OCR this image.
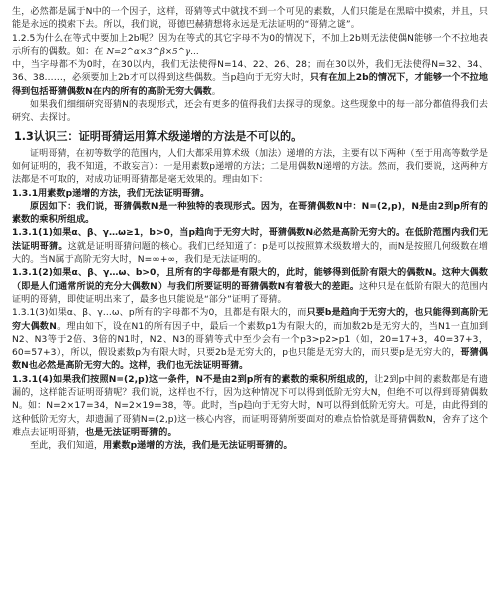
生，必然都是属于N中的一个因子，这样，哥猜等式中就找不到一个可见的素数，人们只能是在黑暗中摸索，并且，只能是永远的摸索下去。所以，我们说，哥德巴赫猜想将永远是无法证明的“哥猜之谜”。

1.2.5为什么在等式中要加上2b呢？因为在等式的其它字母不为0的情况下，不加上2b则无法使偶N能够一个不拉地表示所有的偶数。如：在 N=2^α×3^β×5^γ…

中，当字母都不为0时，在30以内，我们无法使得N=14、22、26、28；而在30以外，我们无法使得N=32、34、36、38……，必须要加上2b才可以得到这些偶数。当p趋向于无穷大时，只有在加上2b的情况下，才能够一个不拉地得到包括哥猜偶数N在内的所有的高阶无穷大偶数。

如果我们细细研究哥猜N的表现形式，还会有更多的值得我们去探寻的现象。这些现象中的每一部分都值得我们去研究、去探讨。

1.3认识三：证明哥猜运用算术级递增的方法是不可以的。

证明哥猜，在初等数学的范围内，人们大都采用算术级（加法）递增的方法，主要有以下两种（至于用高等数学是如何证明的，我不知道，不敢妄言）：一是用素数p递增的方法；二是用偶数N递增的方法。然而，我们要说，这两种方法都是不可取的，对成功证明哥猜都是毫无效果的。理由如下：

1.3.1用素数p递增的方法，我们无法证明哥猜。

原因如下：我们说，哥猜偶数N是一种独特的表现形式。因为，在哥猜偶数N中：N=(2,p)，N是由2到p所有的素数的乘积所组成。

1.3.1(1)如果α、β、γ…ω≥1，b>0，当p趋向于无穷大时，哥猜偶数N必然是高阶无穷大的。在低阶范围内我们无法证明哥猜。这就是证明哥猜问题的核心。我们已经知道了：p是可以按照算术级数增大的，而N是按照几何级数在增大的。当N属于高阶无穷大时，N=∞+∞，我们是无法证明的。

1.3.1(2)如果α、β、γ…ω、b>0，且所有的字母都是有限大的，此时，能够得到低阶有限大的偶数N。这种大偶数（即是人们通常所说的充分大偶数N）与我们所要证明的哥猜偶数N有着极大的差距。这种只是在低阶有限大的范围内证明的哥猜，即使证明出来了，最多也只能说是“部分”证明了哥猜。

1.3.1(3)如果α、β、γ…ω、p所有的字母都不为0，且都是有限大的，而只要b是趋向于无穷大的，也只能得到高阶无穷大偶数N。理由如下，设在N1的所有因子中，最后一个素数p1为有限大的，而加数2b是无穷大的，当N1一直加到N2、N3等于2倍、3倍的N1时，N2、N3的哥猜等式中至少会有一个p3>p2>p1（如，20=17+3，40=37+3，60=57+3），所以，假设素数p为有限大时，只要2b是无穷大的，p也只能是无穷大的，而只要p是无穷大的，哥猜偶数N也必然是高阶无穷大的。这样，我们也无法证明哥猜。

1.3.1(4)如果我们按照N=(2,p)这一条件，N不是由2到p所有的素数的乘积所组成的，让2到p中间的素数都是有遗漏的，这样能否证明哥猜呢？我们说，这样也不行，因为这种情况下可以得到低阶无穷大N，但绝不可以得到哥猜偶数N。如：N=2×17=34，N=2×19=38，等。此时，当p趋向于无穷大时，N可以得到低阶无穷大。可是，由此得到的这种低阶无穷大，却遗漏了哥猜N=(2,p)这一核心内容，而证明哥猜所要面对的难点恰恰就是哥猜偶数N，舍弃了这个难点去证明哥猜，也是无法证明哥猜的。

至此，我们知道，用素数p递增的方法，我们是无法证明哥猜的。
